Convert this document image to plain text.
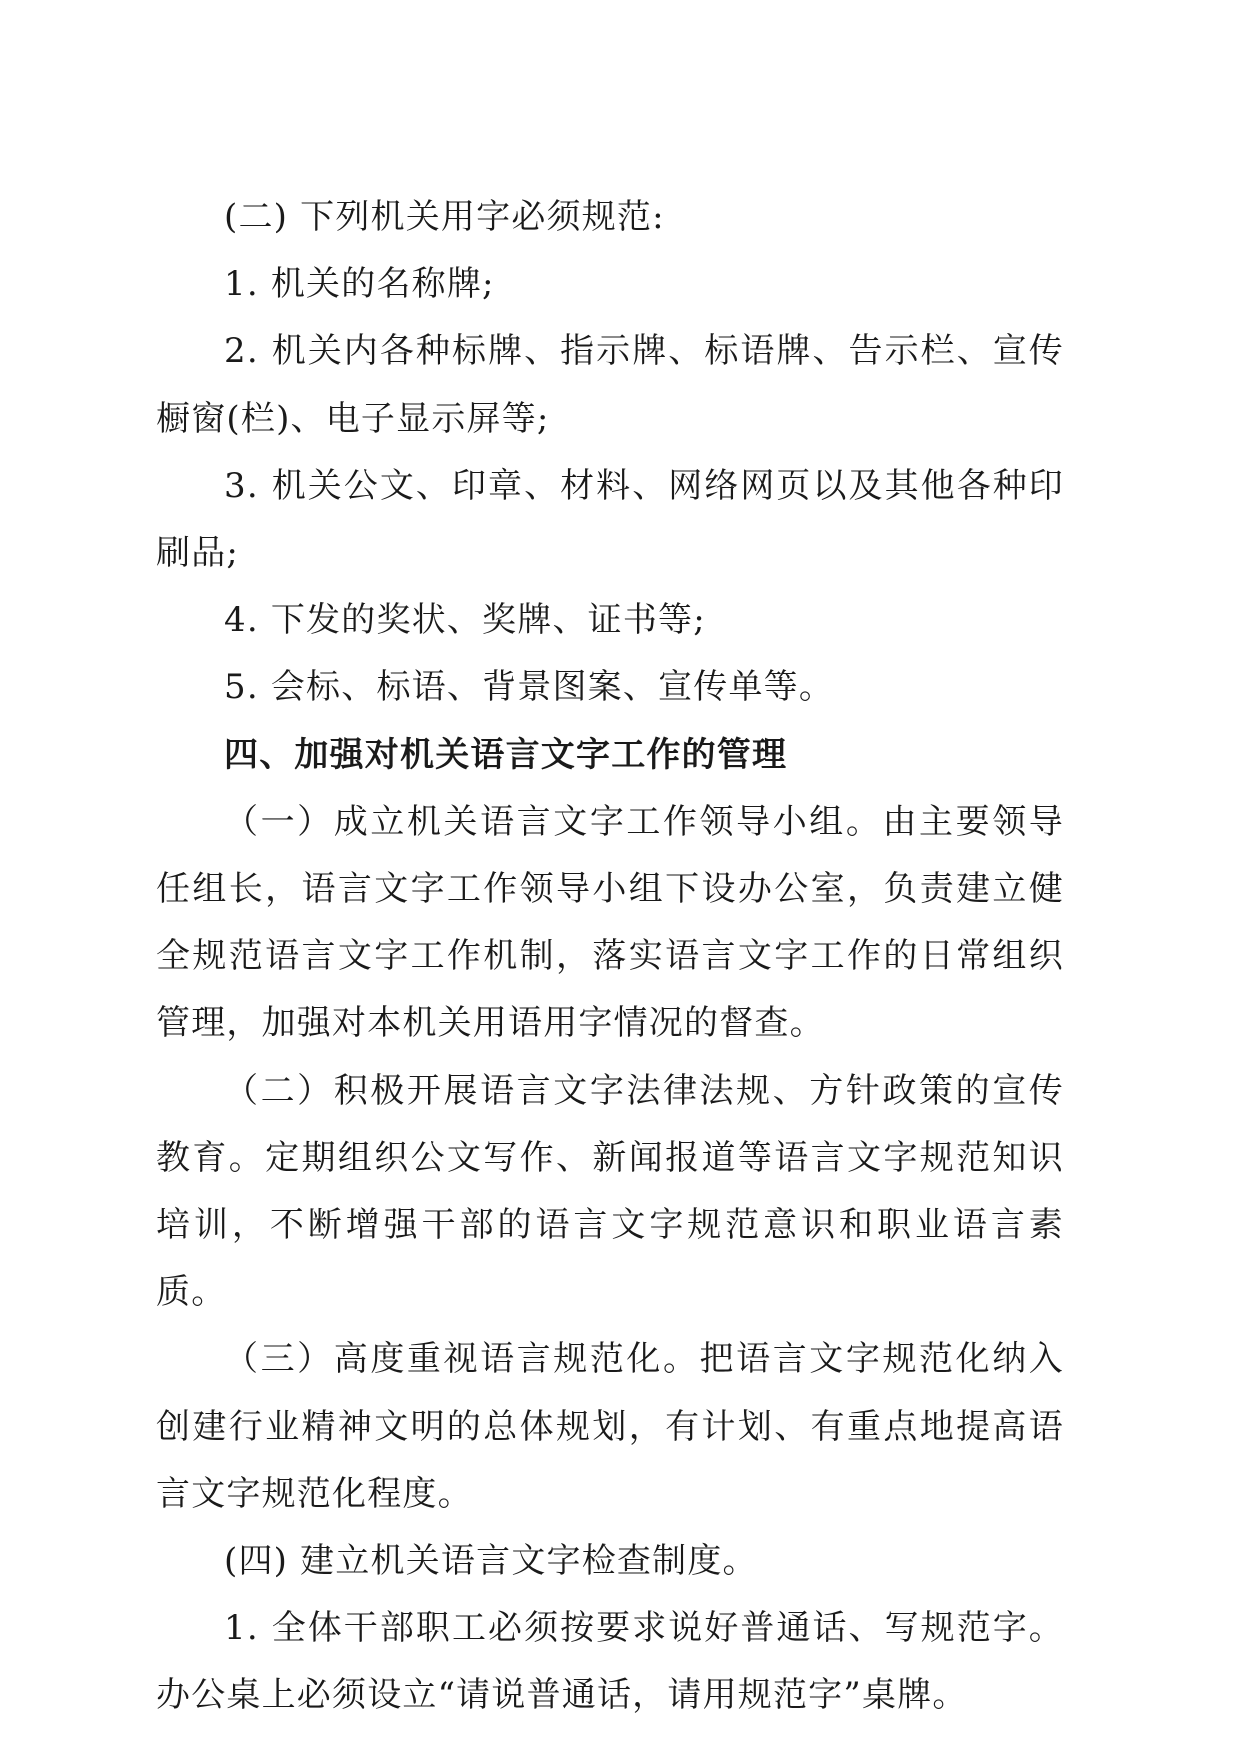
(二) 下列机关用字必须规范:

1. 机关的名称牌;

2. 机关内各种标牌、指示牌、标语牌、告示栏、宣传橱窗(栏)、电子显示屏等;

3. 机关公文、印章、材料、网络网页以及其他各种印刷品;

4. 下发的奖状、奖牌、证书等;

5. 会标、标语、背景图案、宣传单等。

四、加强对机关语言文字工作的管理

（一）成立机关语言文字工作领导小组。由主要领导任组长，语言文字工作领导小组下设办公室，负责建立健全规范语言文字工作机制，落实语言文字工作的日常组织管理，加强对本机关用语用字情况的督查。

（二）积极开展语言文字法律法规、方针政策的宣传教育。定期组织公文写作、新闻报道等语言文字规范知识培训，不断增强干部的语言文字规范意识和职业语言素质。

（三）高度重视语言规范化。把语言文字规范化纳入创建行业精神文明的总体规划，有计划、有重点地提高语言文字规范化程度。

(四) 建立机关语言文字检查制度。

1. 全体干部职工必须按要求说好普通话、写规范字。办公桌上必须设立“请说普通话，请用规范字”桌牌。
